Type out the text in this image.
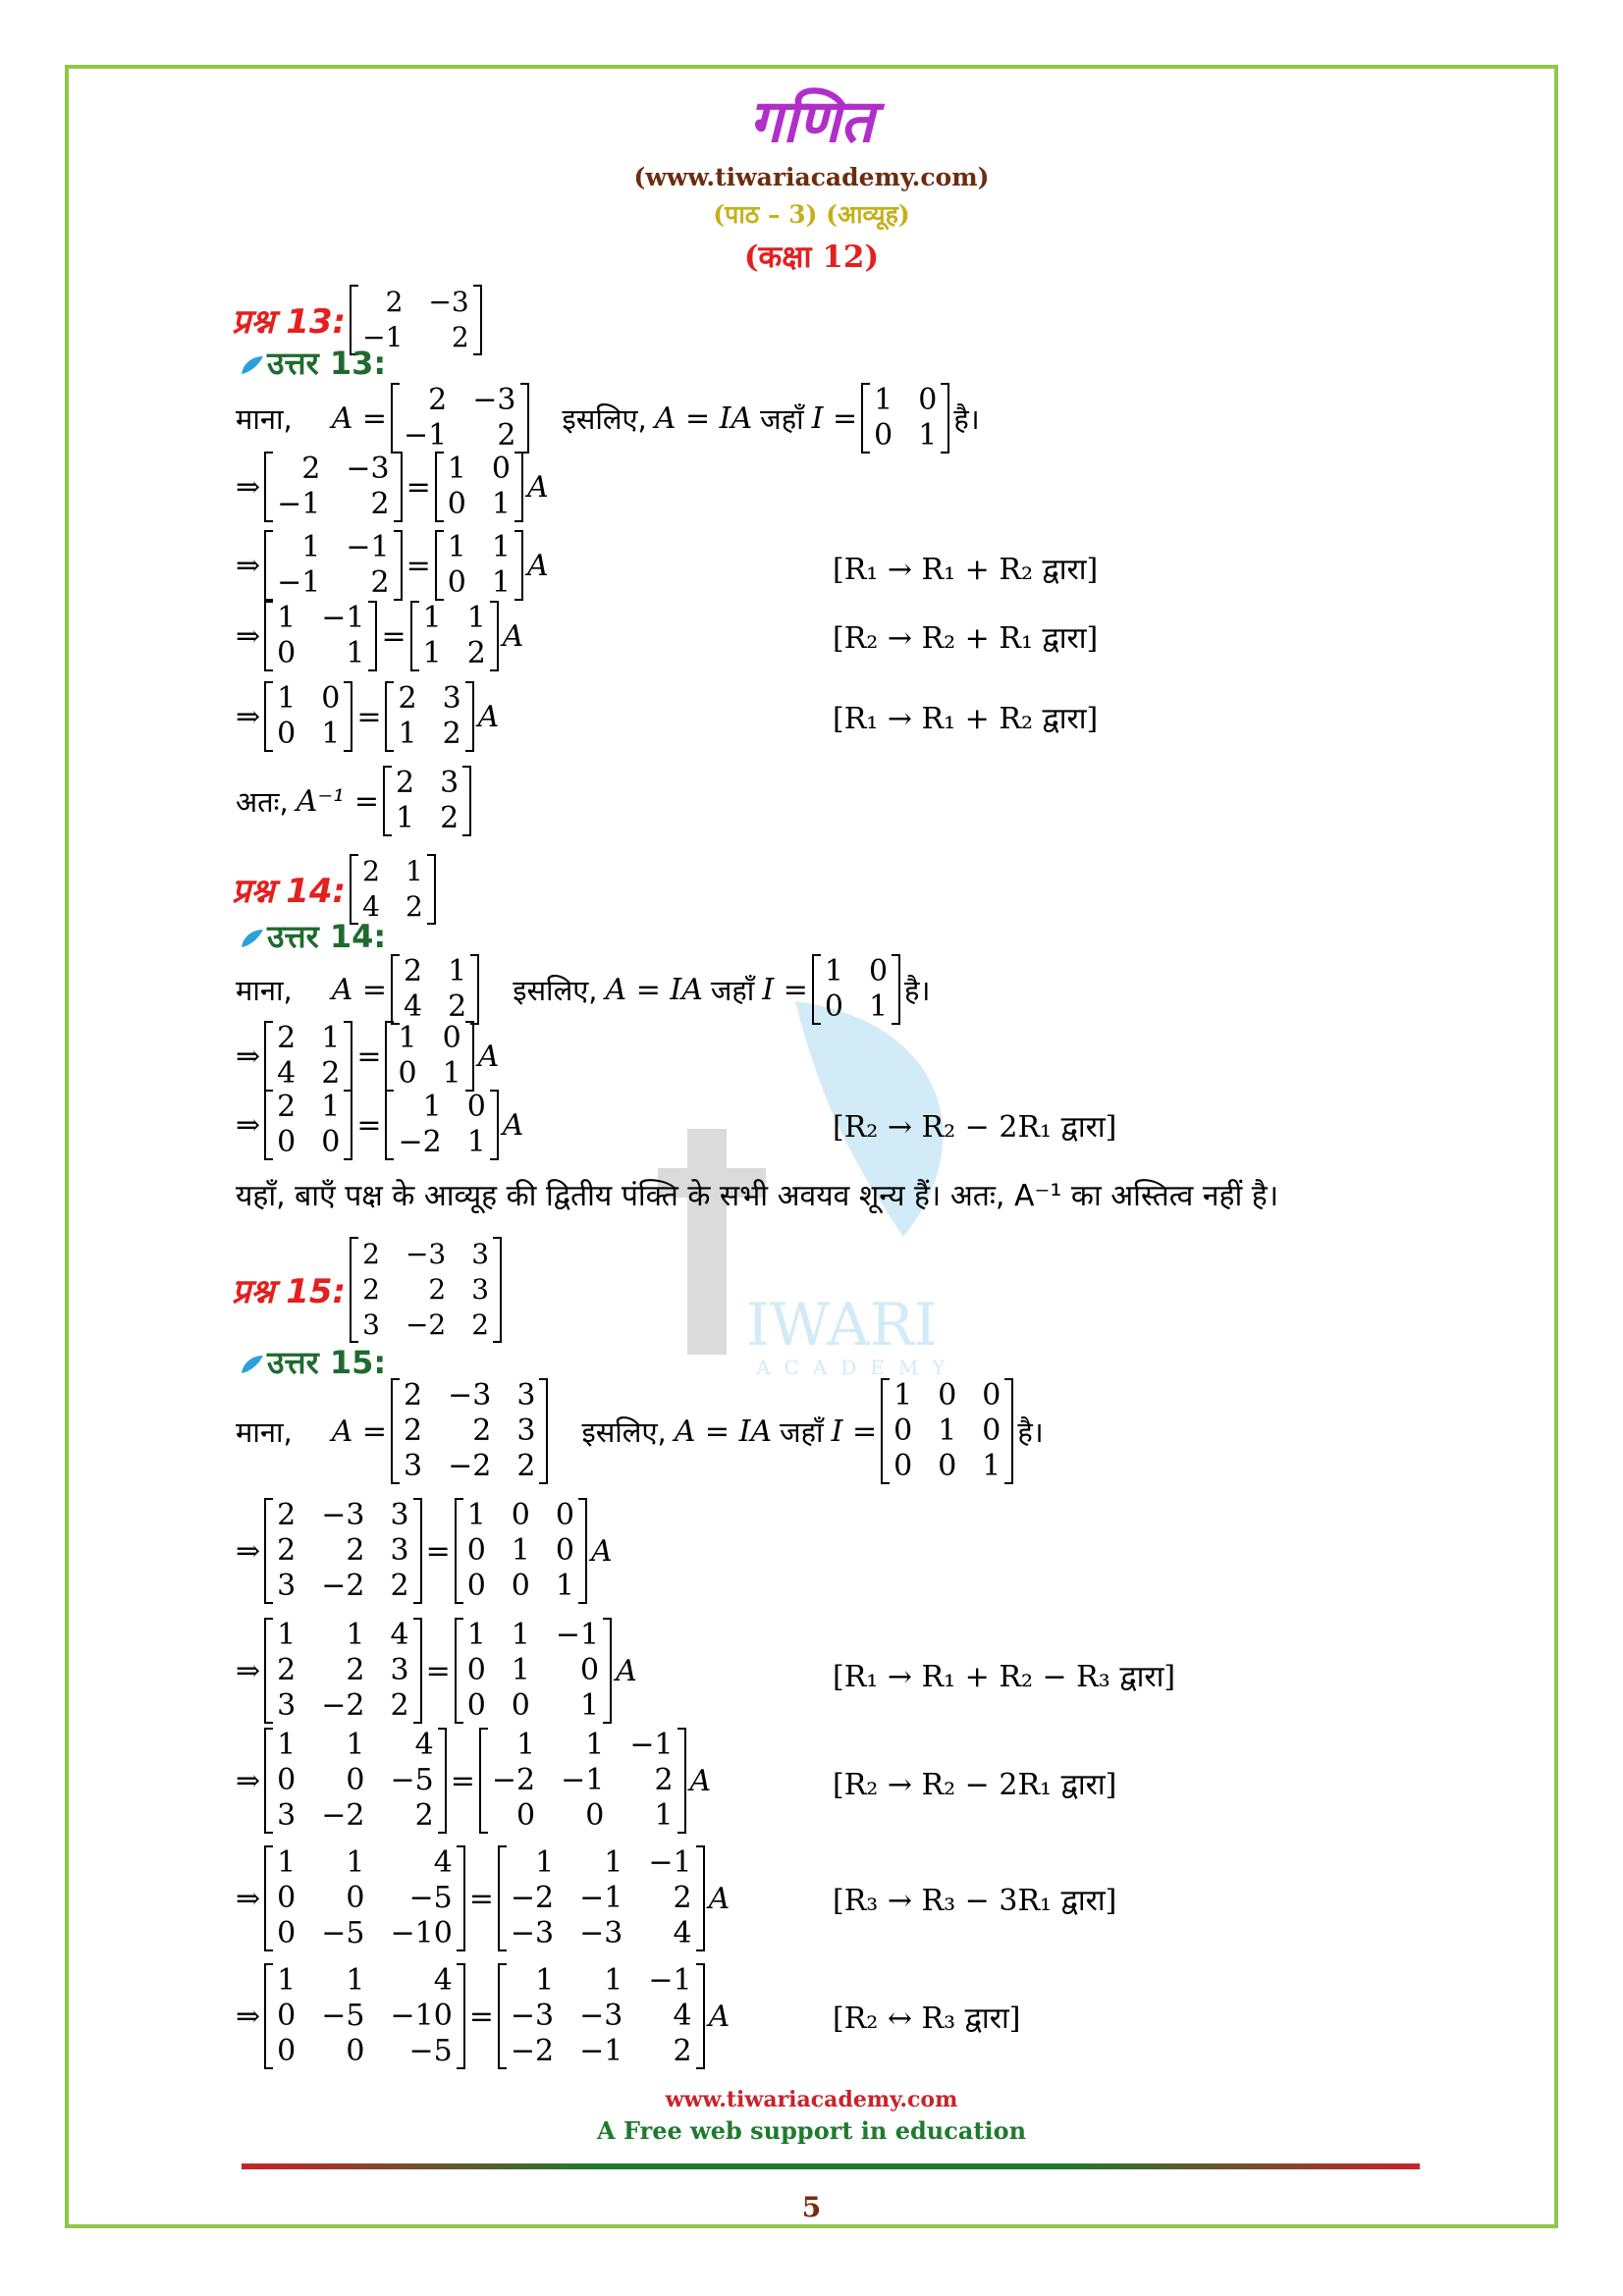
IWARI
ACADEMY
गणित
(www.tiwariacademy.com)
(पाठ – 3) (आव्यूह)
(कक्षा 12)
प्रश्न 13:
2 −3
−1	2
उत्तर 13:
माना, A =
2 −3
−1	2 इसलिए, A = IA जहाँ I =
1 0
0 1 है।
⇒
2 −3
−1	2 =
1 0
0 1 A
⇒
1 −1
−1	2 =
1 1
0 1 A	[R₁ → R₁ + R₂ द्वारा]
⇒
1 −1
0	1 =
1 1
1 2 A	[R₂ → R₂ + R₁ द्वारा]
⇒
1 0
0 1 =
2 3
1 2 A	[R₁ → R₁ + R₂ द्वारा]
अतः, A⁻¹ =
2 3
1 2
प्रश्न 14:
2 1
4 2
उत्तर 14:
माना, A =
2 1
4 2 इसलिए, A = IA जहाँ I =
1 0
0 1 है।
⇒
2 1
4 2 =
1 0
0 1 A
⇒
2 1
0 0 =
1 0
−2 1 A	[R₂ → R₂ − 2R₁ द्वारा]
यहाँ, बाएँ पक्ष के आव्यूह की द्वितीय पंक्ति के सभी अवयव शून्य हैं। अतः, A⁻¹ का अस्तित्व नहीं है।
प्रश्न 15:
2 −3 3
2	2 3
3 −2 2
उत्तर 15:
माना, A =
2 −3 3
2	2 3
3 −2 2
इसलिए, A = IA जहाँ I =
1 0 0
0 1 0
0 0 1
है।
⇒
2 −3 3
2	2 3
3 −2 2
=
1 0 0
0 1 0
0 0 1
A
⇒
1	1 4
2	2 3
3 −2 2
=
1 1 −1
0 1	0
0 0	1
A	[R₁ → R₁ + R₂ − R₃ द्वारा]
⇒
1	1	4
0	0 −5
3 −2	2
=
1	1 −1
−2 −1	2
0	0	1
A	[R₂ → R₂ − 2R₁ द्वारा]
⇒
1	1	4
0	0	−5
0 −5 −10
=
1	1 −1
−2 −1	2
−3 −3	4
A	[R₃ → R₃ − 3R₁ द्वारा]
⇒
1	1	4
0 −5 −10
0	0	−5
=
1	1 −1
−3 −3	4
−2 −1	2
A	[R₂ ↔ R₃ द्वारा]
www.tiwariacademy.com
A Free web support in education
5
